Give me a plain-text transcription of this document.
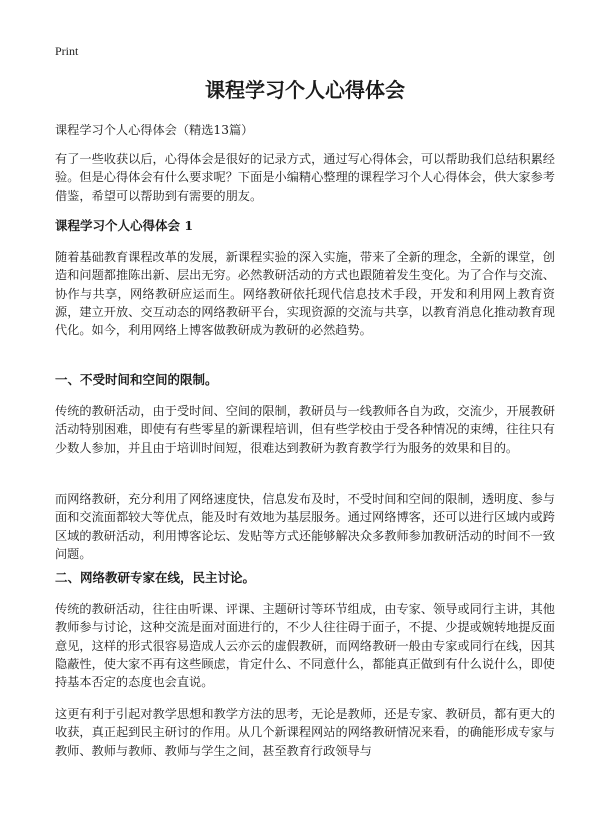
Print
课程学习个人心得体会

课程学习个人心得体会（精选13篇）

有了一些收获以后，心得体会是很好的记录方式，通过写心得体会，可以帮助我们总结积累经验。但是心得体会有什么要求呢？下面是小编精心整理的课程学习个人心得体会，供大家参考借鉴，希望可以帮助到有需要的朋友。

课程学习个人心得体会 1

随着基础教育课程改革的发展，新课程实验的深入实施，带来了全新的理念，全新的课堂，创造和问题都推陈出新、层出无穷。必然教研活动的方式也跟随着发生变化。为了合作与交流、协作与共享，网络教研应运而生。网络教研依托现代信息技术手段，开发和利用网上教育资源，建立开放、交互动态的网络教研平台，实现资源的交流与共享，以教育消息化推动教育现代化。如今，利用网络上博客做教研成为教研的必然趋势。

一、不受时间和空间的限制。

传统的教研活动，由于受时间、空间的限制，教研员与一线教师各自为政，交流少，开展教研活动特别困难，即使有有些零星的新课程培训，但有些学校由于受各种情况的束缚，往往只有少数人参加，并且由于培训时间短，很难达到教研为教育教学行为服务的效果和目的。

而网络教研，充分利用了网络速度快，信息发布及时，不受时间和空间的限制，透明度、参与面和交流面都较大等优点，能及时有效地为基层服务。通过网络博客，还可以进行区域内或跨区域的教研活动，利用博客论坛、发贴等方式还能够解决众多教师参加教研活动的时间不一致问题。

二、网络教研专家在线，民主讨论。

传统的教研活动，往往由听课、评课、主题研讨等环节组成，由专家、领导或同行主讲，其他教师参与讨论，这种交流是面对面进行的，不少人往往碍于面子，不提、少提或婉转地提反面意见，这样的形式很容易造成人云亦云的虚假教研，而网络教研一般由专家或同行在线，因其隐蔽性，使大家不再有这些顾虑，肯定什么、不同意什么，都能真正做到有什么说什么，即使持基本否定的态度也会直说。

这更有利于引起对教学思想和教学方法的思考，无论是教师，还是专家、教研员，都有更大的收获，真正起到民主研讨的作用。从几个新课程网站的网络教研情况来看，的确能形成专家与教师、教师与教师、教师与学生之间，甚至教育行政领导与
